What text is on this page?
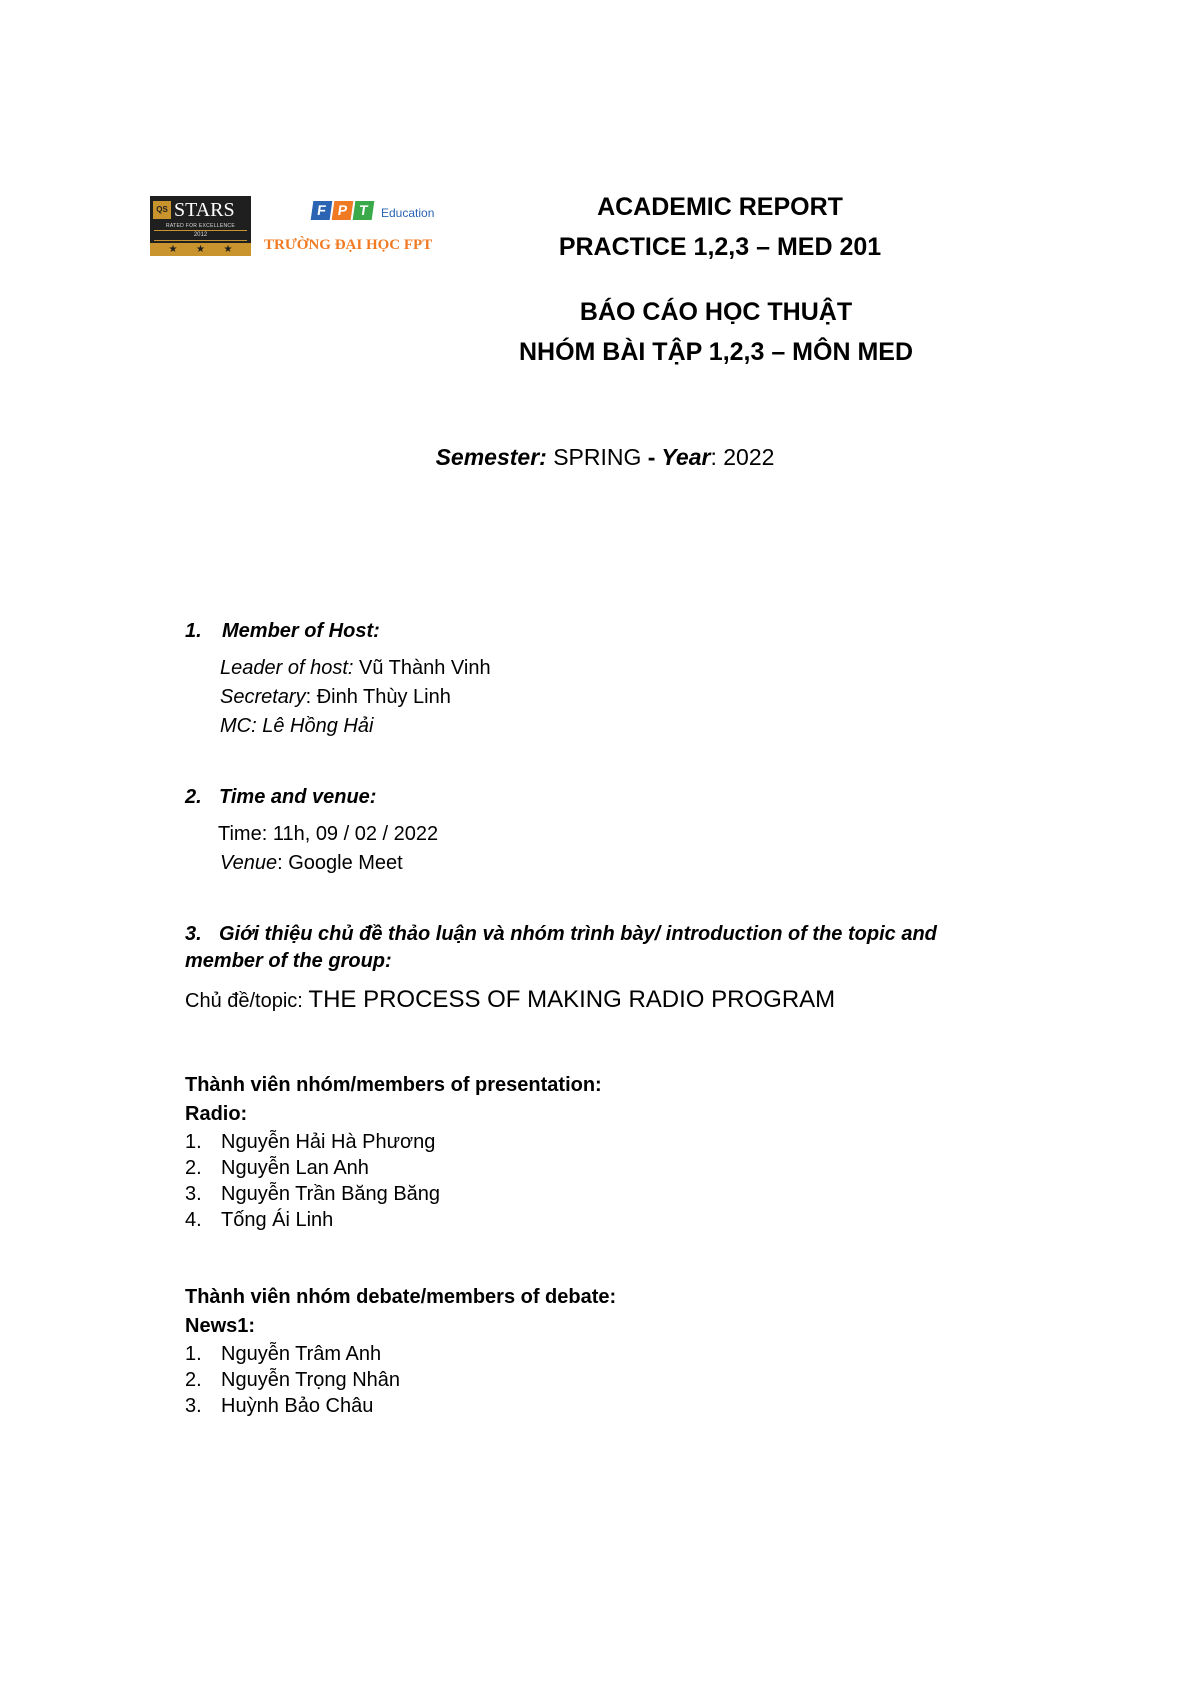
QS STARS
RATED FOR EXCELLENCE
2012
★ ★ ★
F P T	Education
TRƯỜNG ĐẠI HỌC FPT
ACADEMIC REPORT
PRACTICE 1,2,3 – MED 201
BÁO CÁO HỌC THUẬT
NHÓM BÀI TẬP 1,2,3 – MÔN MED
Semester: SPRING - Year: 2022
1. Member of Host:
Leader of host: Vũ Thành Vinh
Secretary: Đinh Thùy Linh
MC: Lê Hồng Hải
2. Time and venue:
Time: 11h, 09 / 02 / 2022
Venue: Google Meet
3. Giới thiệu chủ đề thảo luận và nhóm trình bày/ introduction of the topic and
member of the group:
Chủ đề/topic: THE PROCESS OF MAKING RADIO PROGRAM
Thành viên nhóm/members of presentation:
Radio:
1. Nguyễn Hải Hà Phương
2. Nguyễn Lan Anh
3. Nguyễn Trần Băng Băng
4. Tống Ái Linh
Thành viên nhóm debate/members of debate:
News1:
1. Nguyễn Trâm Anh
2. Nguyễn Trọng Nhân
3. Huỳnh Bảo Châu
